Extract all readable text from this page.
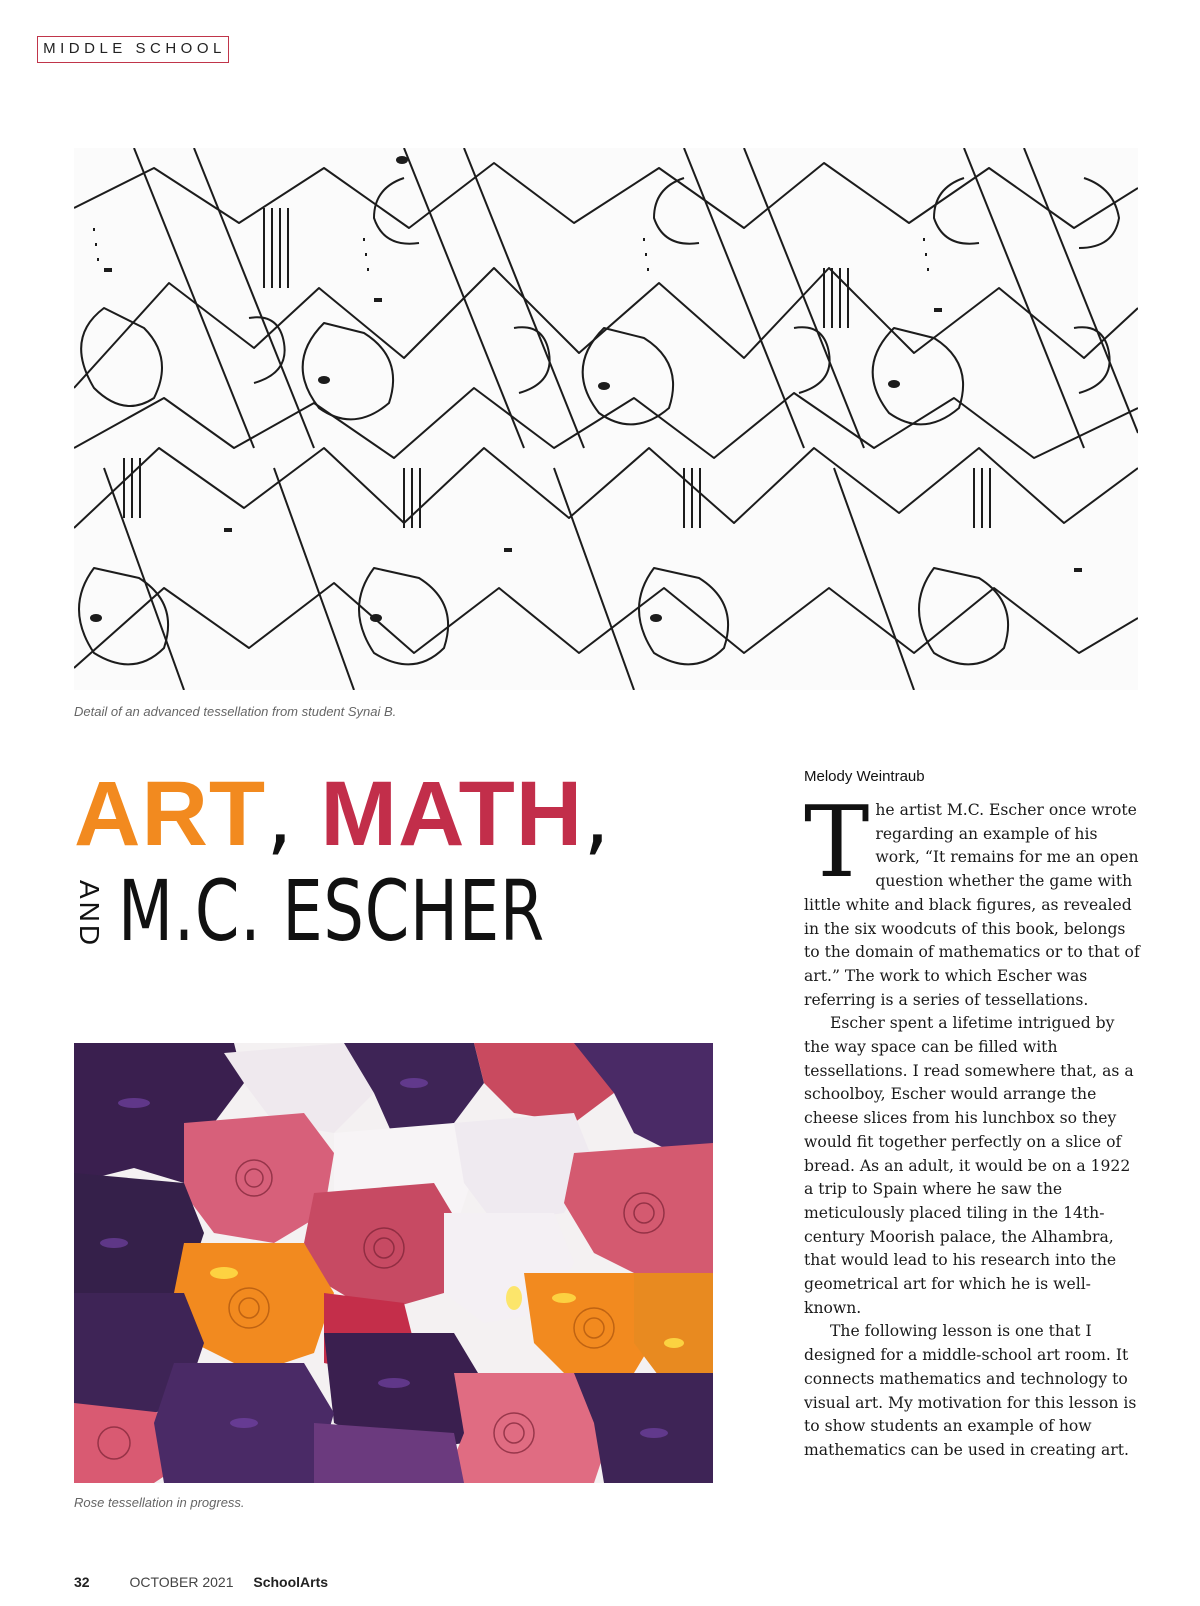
MIDDLE SCHOOL
Detail of an advanced tessellation from student Synai B.
ART, MATH,
AND M.C. ESCHER
Rose tessellation in progress.
Melody Weintraub

The artist M.C. Escher once wrote regarding an example of his work, “It remains for me an open question whether the game with little white and black figures, as revealed in the six woodcuts of this book, belongs to the domain of mathematics or to that of art.” The work to which Escher was referring is a series of tessellations.

Escher spent a lifetime intrigued by the way space can be filled with tessellations. I read somewhere that, as a schoolboy, Escher would arrange the cheese slices from his lunchbox so they would fit together perfectly on a slice of bread. As an adult, it would be on a 1922 a trip to Spain where he saw the meticulously placed tiling in the 14th-century Moorish palace, the Alhambra, that would lead to his research into the geometrical art for which he is well-known.

The following lesson is one that I designed for a middle-school art room. It connects mathematics and technology to visual art. My motivation for this lesson is to show students an example of how mathematics can be used in creating art.

32	OCTOBER 2021 SchoolArts
